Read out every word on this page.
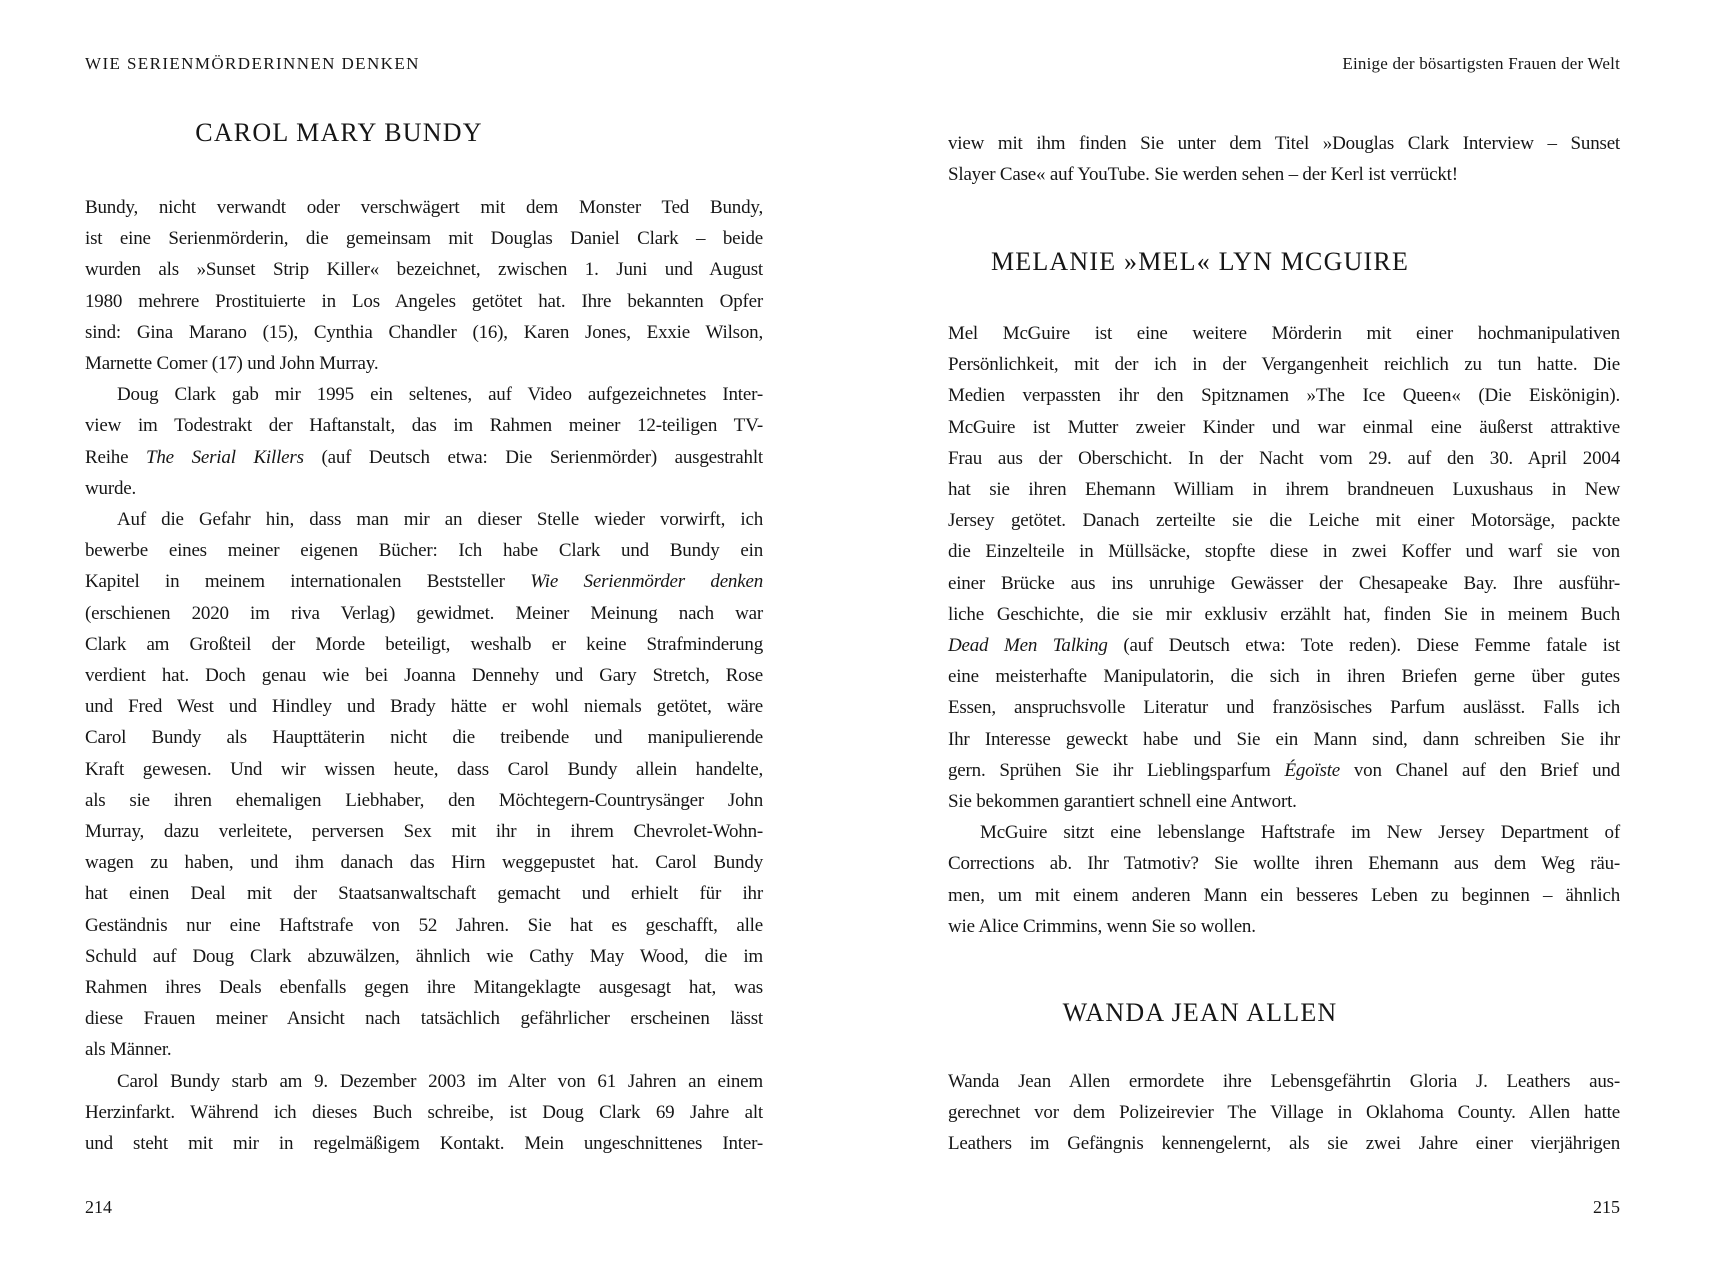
WIE SERIENMÖRDERINNEN DENKEN
CAROL MARY BUNDY
Bundy, nicht verwandt oder verschwägert mit dem Monster Ted Bundy,
ist eine Serienmörderin, die gemeinsam mit Douglas Daniel Clark – beide
wurden als »Sunset Strip Killer« bezeichnet, zwischen 1. Juni und August
1980 mehrere Prostituierte in Los Angeles getötet hat. Ihre bekannten Opfer
sind: Gina Marano (15), Cynthia Chandler (16), Karen Jones, Exxie Wilson,
Marnette Comer (17) und John Murray.
Doug Clark gab mir 1995 ein seltenes, auf Video aufgezeichnetes Inter-
view im Todestrakt der Haftanstalt, das im Rahmen meiner 12-teiligen TV-
Reihe The Serial Killers (auf Deutsch etwa: Die Serienmörder) ausgestrahlt
wurde.
Auf die Gefahr hin, dass man mir an dieser Stelle wieder vorwirft, ich
bewerbe eines meiner eigenen Bücher: Ich habe Clark und Bundy ein
Kapitel in meinem internationalen Beststeller Wie Serienmörder denken
(erschienen 2020 im riva Verlag) gewidmet. Meiner Meinung nach war
Clark am Großteil der Morde beteiligt, weshalb er keine Strafminderung
verdient hat. Doch genau wie bei Joanna Dennehy und Gary Stretch, Rose
und Fred West und Hindley und Brady hätte er wohl niemals getötet, wäre
Carol Bundy als Haupttäterin nicht die treibende und manipulierende
Kraft gewesen. Und wir wissen heute, dass Carol Bundy allein handelte,
als sie ihren ehemaligen Liebhaber, den Möchtegern-Countrysänger John
Murray, dazu verleitete, perversen Sex mit ihr in ihrem Chevrolet-Wohn-
wagen zu haben, und ihm danach das Hirn weggepustet hat. Carol Bundy
hat einen Deal mit der Staatsanwaltschaft gemacht und erhielt für ihr
Geständnis nur eine Haftstrafe von 52 Jahren. Sie hat es geschafft, alle
Schuld auf Doug Clark abzuwälzen, ähnlich wie Cathy May Wood, die im
Rahmen ihres Deals ebenfalls gegen ihre Mitangeklagte ausgesagt hat, was
diese Frauen meiner Ansicht nach tatsächlich gefährlicher erscheinen lässt
als Männer.
Carol Bundy starb am 9. Dezember 2003 im Alter von 61 Jahren an einem
Herzinfarkt. Während ich dieses Buch schreibe, ist Doug Clark 69 Jahre alt
und steht mit mir in regelmäßigem Kontakt. Mein ungeschnittenes Inter-
214
Einige der bösartigsten Frauen der Welt
view mit ihm finden Sie unter dem Titel »Douglas Clark Interview – Sunset
Slayer Case« auf YouTube. Sie werden sehen – der Kerl ist verrückt!
MELANIE »MEL« LYN MCGUIRE
Mel McGuire ist eine weitere Mörderin mit einer hochmanipulativen
Persönlichkeit, mit der ich in der Vergangenheit reichlich zu tun hatte. Die
Medien verpassten ihr den Spitznamen »The Ice Queen« (Die Eiskönigin).
McGuire ist Mutter zweier Kinder und war einmal eine äußerst attraktive
Frau aus der Oberschicht. In der Nacht vom 29. auf den 30. April 2004
hat sie ihren Ehemann William in ihrem brandneuen Luxushaus in New
Jersey getötet. Danach zerteilte sie die Leiche mit einer Motorsäge, packte
die Einzelteile in Müllsäcke, stopfte diese in zwei Koffer und warf sie von
einer Brücke aus ins unruhige Gewässer der Chesapeake Bay. Ihre ausführ-
liche Geschichte, die sie mir exklusiv erzählt hat, finden Sie in meinem Buch
Dead Men Talking (auf Deutsch etwa: Tote reden). Diese Femme fatale ist
eine meisterhafte Manipulatorin, die sich in ihren Briefen gerne über gutes
Essen, anspruchsvolle Literatur und französisches Parfum auslässt. Falls ich
Ihr Interesse geweckt habe und Sie ein Mann sind, dann schreiben Sie ihr
gern. Sprühen Sie ihr Lieblingsparfum Égoïste von Chanel auf den Brief und
Sie bekommen garantiert schnell eine Antwort.
McGuire sitzt eine lebenslange Haftstrafe im New Jersey Department of
Corrections ab. Ihr Tatmotiv? Sie wollte ihren Ehemann aus dem Weg räu-
men, um mit einem anderen Mann ein besseres Leben zu beginnen – ähnlich
wie Alice Crimmins, wenn Sie so wollen.
WANDA JEAN ALLEN
Wanda Jean Allen ermordete ihre Lebensgefährtin Gloria J. Leathers aus-
gerechnet vor dem Polizeirevier The Village in Oklahoma County. Allen hatte
Leathers im Gefängnis kennengelernt, als sie zwei Jahre einer vierjährigen
215
